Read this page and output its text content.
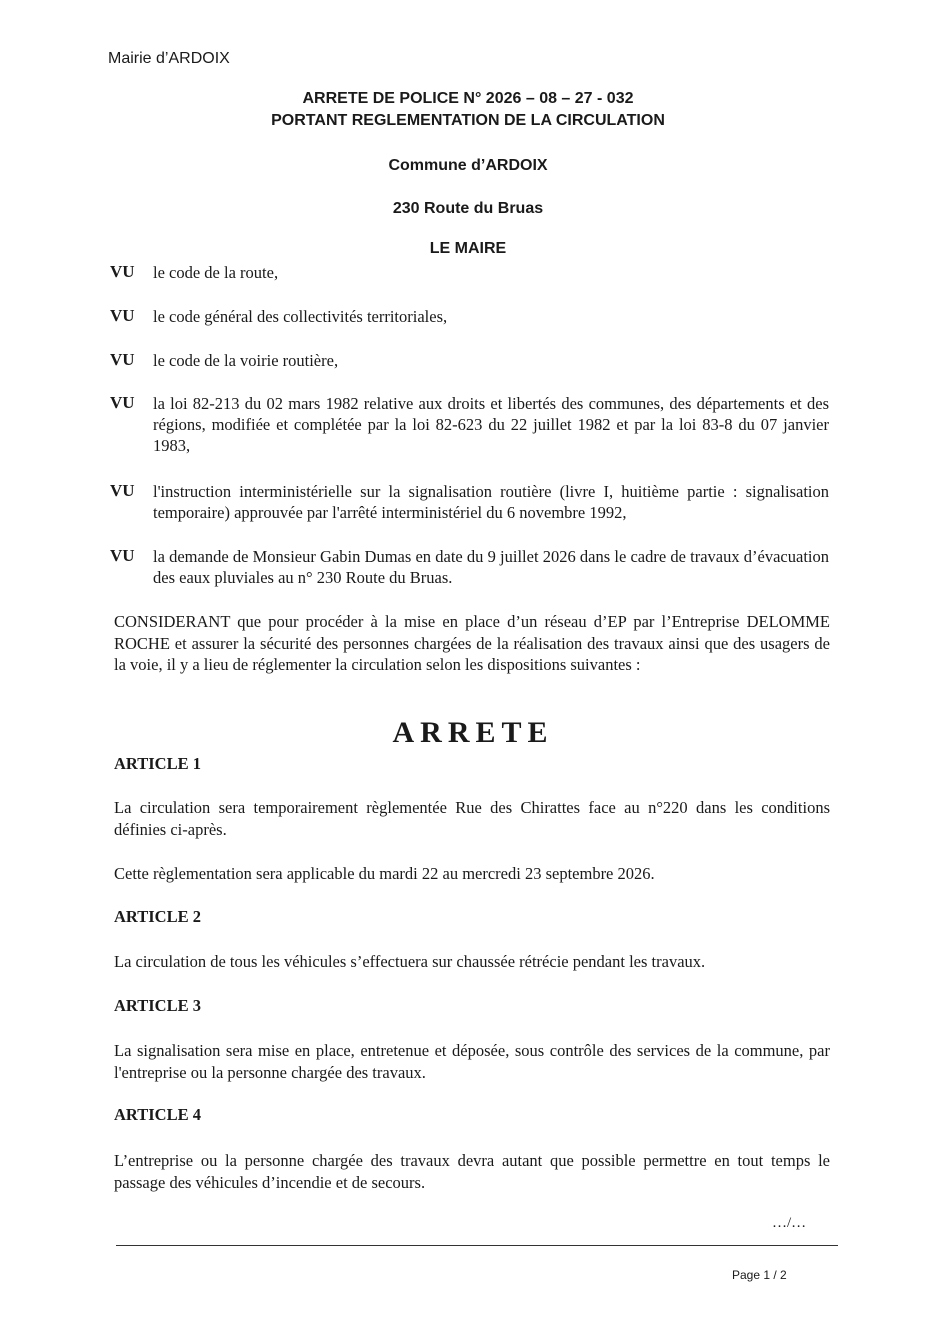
Mairie d’ARDOIX
ARRETE DE POLICE N° 2026 – 08 – 27 - 032
PORTANT REGLEMENTATION DE LA CIRCULATION
Commune d’ARDOIX
230 Route du Bruas
LE MAIRE
VU le code de la route,
VU le code général des collectivités territoriales,
VU le code de la voirie routière,
VU la loi 82-213 du 02 mars 1982 relative aux droits et libertés des communes, des départements et des régions, modifiée et complétée par la loi 82-623 du 22 juillet 1982 et par la loi 83-8 du 07 janvier 1983,
VU l'instruction interministérielle sur la signalisation routière (livre I, huitième partie : signalisation temporaire) approuvée par l'arrêté interministériel du 6 novembre 1992,
VU la demande de Monsieur Gabin Dumas en date du 9 juillet 2026 dans le cadre de travaux d’évacuation des eaux pluviales au n° 230 Route du Bruas.
CONSIDERANT que pour procéder à la mise en place d’un réseau d’EP par l’Entreprise DELOMME ROCHE et assurer la sécurité des personnes chargées de la réalisation des travaux ainsi que des usagers de la voie, il y a lieu de réglementer la circulation selon les dispositions suivantes :
ARRETE
ARTICLE 1
La circulation sera temporairement règlementée Rue des Chirattes face au n°220 dans les conditions définies ci-après.
Cette règlementation sera applicable du mardi 22 au mercredi 23 septembre 2026.
ARTICLE 2
La circulation de tous les véhicules s’effectuera sur chaussée rétrécie pendant les travaux.
ARTICLE 3
La signalisation sera mise en place, entretenue et déposée, sous contrôle des services de la commune, par l'entreprise ou la personne chargée des travaux.
ARTICLE 4
L’entreprise ou la personne chargée des travaux devra autant que possible permettre en tout temps le passage des véhicules d’incendie et de secours.
…/…
Page 1 / 2
